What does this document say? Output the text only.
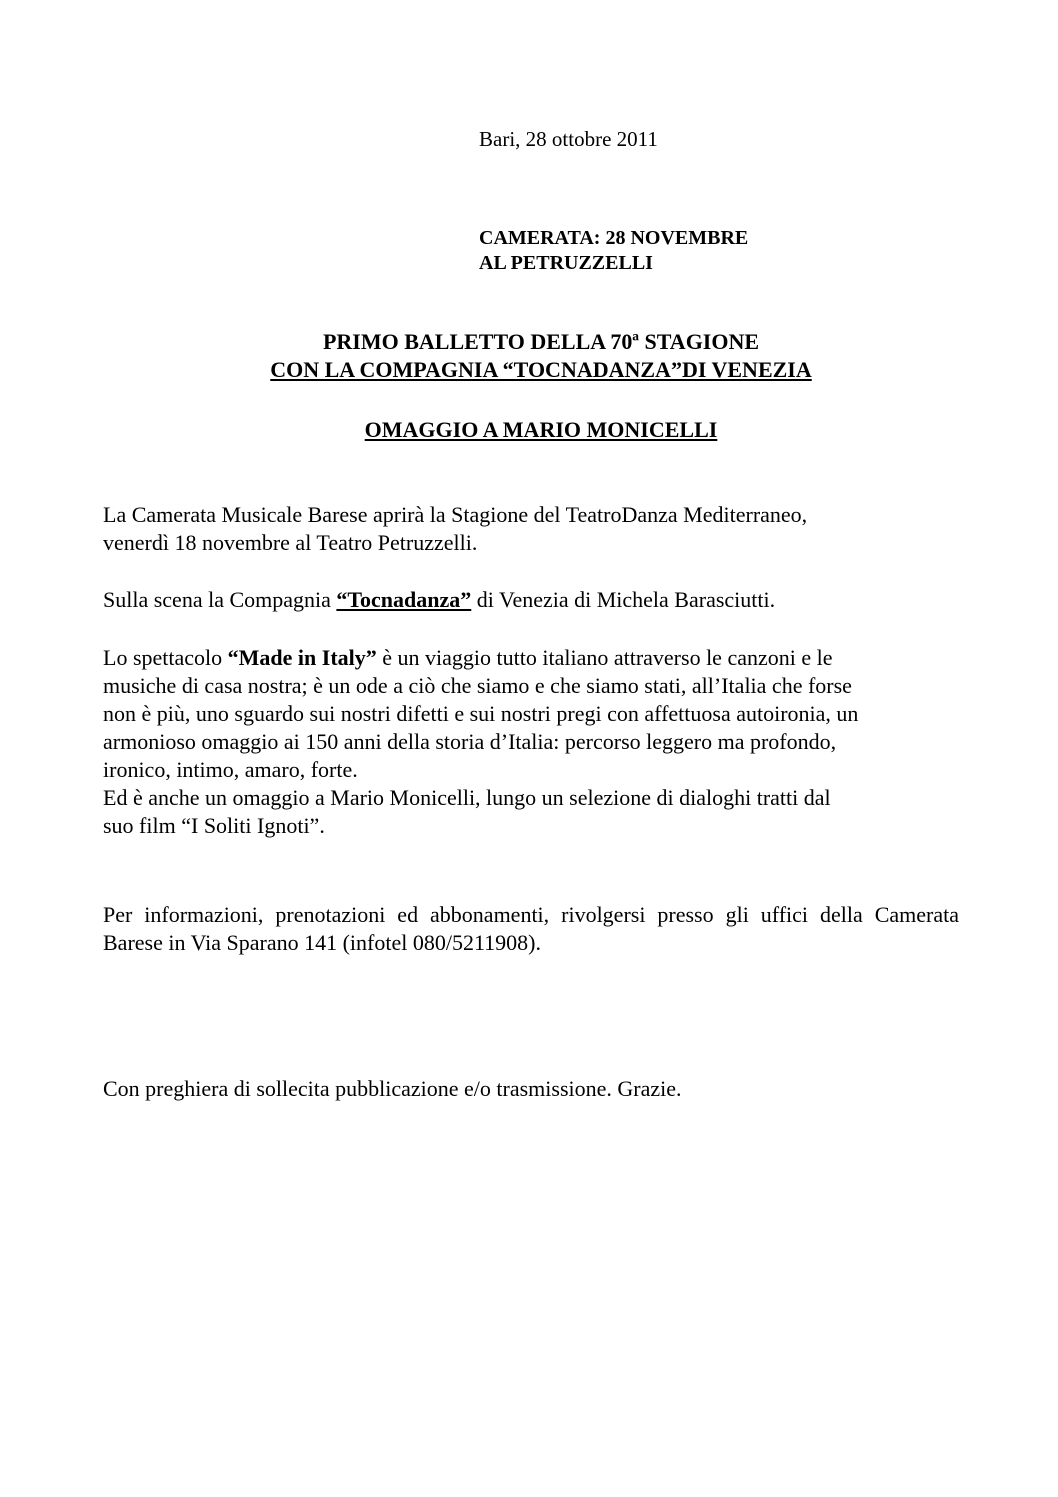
Bari, 28 ottobre 2011
CAMERATA: 28 NOVEMBRE
AL PETRUZZELLI
PRIMO BALLETTO DELLA 70ª STAGIONE
CON LA COMPAGNIA “TOCNADANZA”DI VENEZIA
OMAGGIO A MARIO MONICELLI
La Camerata Musicale Barese aprirà la Stagione del TeatroDanza Mediterraneo,
venerdì 18 novembre al Teatro Petruzzelli.
Sulla scena la Compagnia “Tocnadanza” di Venezia di Michela Barasciutti.
Lo spettacolo “Made in Italy” è un viaggio tutto italiano attraverso le canzoni e le
musiche di casa nostra; è un ode a ciò che siamo e che siamo stati, all’Italia che forse
non è più, uno sguardo sui nostri difetti e sui nostri pregi con affettuosa autoironia, un
armonioso omaggio ai 150 anni della storia d’Italia: percorso leggero ma profondo,
ironico, intimo, amaro, forte.
Ed è anche un omaggio a Mario Monicelli, lungo un selezione di dialoghi tratti dal
suo film “I Soliti Ignoti”.
Per informazioni, prenotazioni ed abbonamenti, rivolgersi presso gli uffici della Camerata Barese in Via Sparano 141 (infotel 080/5211908).
Con preghiera di sollecita pubblicazione e/o trasmissione. Grazie.
